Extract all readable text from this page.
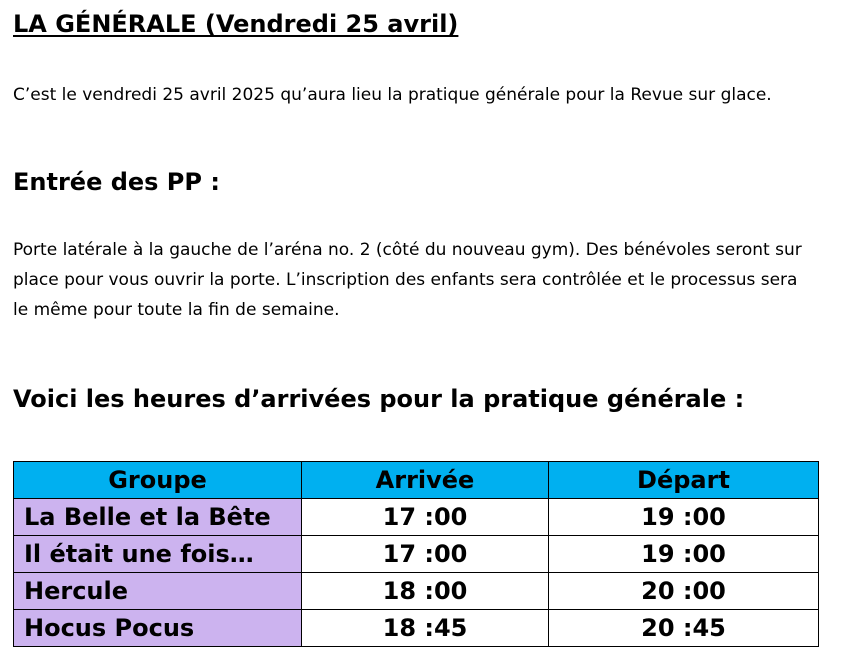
LA GÉNÉRALE (Vendredi 25 avril)

C’est le vendredi 25 avril 2025 qu’aura lieu la pratique générale pour la Revue sur glace.

Entrée des PP :

Porte latérale à la gauche de l’aréna no. 2 (côté du nouveau gym). Des bénévoles seront sur place pour vous ouvrir la porte. L’inscription des enfants sera contrôlée et le processus sera le même pour toute la fin de semaine.

Voici les heures d’arrivées pour la pratique générale :
Groupe	Arrivée	Départ
La Belle et la Bête	17 :00	19 :00
Il était une fois…	17 :00	19 :00
Hercule	18 :00	20 :00
Hocus Pocus	18 :45	20 :45
